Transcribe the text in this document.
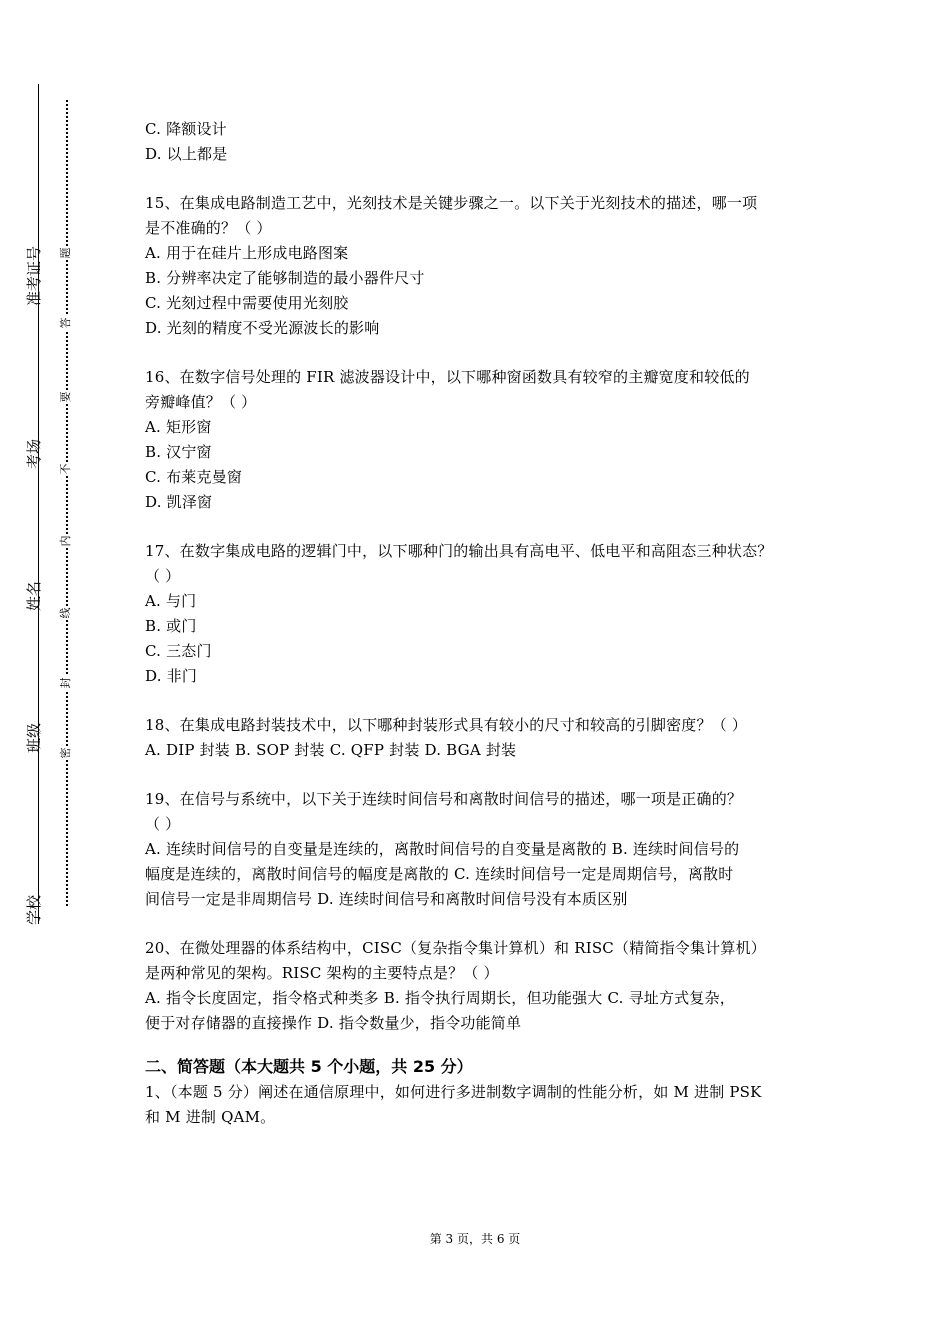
准考证号
考场
姓名
班级
学校
题
答
要
不
内
线
封
密
C. 降额设计
D. 以上都是
15、在集成电路制造工艺中，光刻技术是关键步骤之一。以下关于光刻技术的描述，哪一项
是不准确的？（ ）
A. 用于在硅片上形成电路图案
B. 分辨率决定了能够制造的最小器件尺寸
C. 光刻过程中需要使用光刻胶
D. 光刻的精度不受光源波长的影响
16、在数字信号处理的 FIR 滤波器设计中，以下哪种窗函数具有较窄的主瓣宽度和较低的
旁瓣峰值？（ ）
A. 矩形窗
B. 汉宁窗
C. 布莱克曼窗
D. 凯泽窗
17、在数字集成电路的逻辑门中，以下哪种门的输出具有高电平、低电平和高阻态三种状态？
（ ）
A. 与门
B. 或门
C. 三态门
D. 非门
18、在集成电路封装技术中，以下哪种封装形式具有较小的尺寸和较高的引脚密度？（ ）
A. DIP 封装 B. SOP 封装 C. QFP 封装 D. BGA 封装
19、在信号与系统中，以下关于连续时间信号和离散时间信号的描述，哪一项是正确的？
（ ）
A. 连续时间信号的自变量是连续的，离散时间信号的自变量是离散的 B. 连续时间信号的
幅度是连续的，离散时间信号的幅度是离散的 C. 连续时间信号一定是周期信号，离散时
间信号一定是非周期信号 D. 连续时间信号和离散时间信号没有本质区别
20、在微处理器的体系结构中，CISC（复杂指令集计算机）和 RISC（精简指令集计算机）
是两种常见的架构。RISC 架构的主要特点是？（ ）
A. 指令长度固定，指令格式种类多 B. 指令执行周期长，但功能强大 C. 寻址方式复杂，
便于对存储器的直接操作 D. 指令数量少，指令功能简单
二、简答题（本大题共 5 个小题，共 25 分）
1、（本题 5 分）阐述在通信原理中，如何进行多进制数字调制的性能分析，如 M 进制 PSK
和 M 进制 QAM。
第 3 页，共 6 页
